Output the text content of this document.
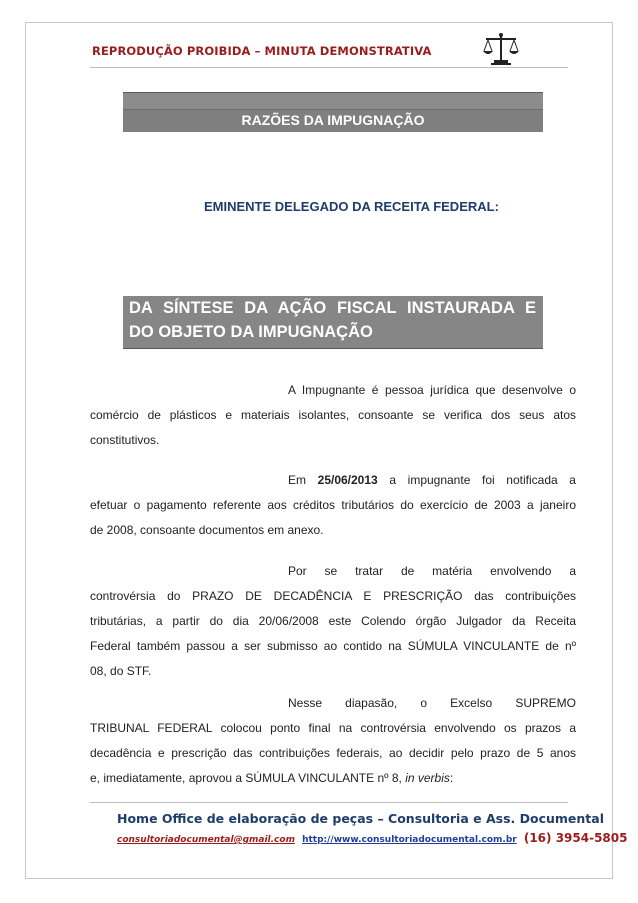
REPRODUÇÃO PROIBIDA – MINUTA DEMONSTRATIVA
RAZÕES DA IMPUGNAÇÃO
EMINENTE DELEGADO DA RECEITA FEDERAL:
DA SÍNTESE DA AÇÃO FISCAL INSTAURADA E
DO OBJETO DA IMPUGNAÇÃO
A Impugnante é pessoa jurídica que desenvolve o
comércio de plásticos e materiais isolantes, consoante se verifica dos seus atos
constitutivos.
Em 25/06/2013 a impugnante foi notificada a
efetuar o pagamento referente aos créditos tributários do exercício de 2003 a janeiro
de 2008, consoante documentos em anexo.
Por se tratar de matéria envolvendo a
controvérsia do PRAZO DE DECADÊNCIA E PRESCRIÇÃO das contribuições
tributárias, a partir do dia 20/06/2008 este Colendo órgão Julgador da Receita
Federal também passou a ser submisso ao contido na SÚMULA VINCULANTE de nº
08, do STF.
Nesse diapasão, o Excelso SUPREMO
TRIBUNAL FEDERAL colocou ponto final na controvérsia envolvendo os prazos a
decadência e prescrição das contribuições federais, ao decidir pelo prazo de 5 anos
e, imediatamente, aprovou a SÚMULA VINCULANTE nº 8, in verbis:
Home Office de elaboração de peças – Consultoria e Ass. Documental
consultoriadocumental@gmail.com http://www.consultoriadocumental.com.br (16) 3954-5805
